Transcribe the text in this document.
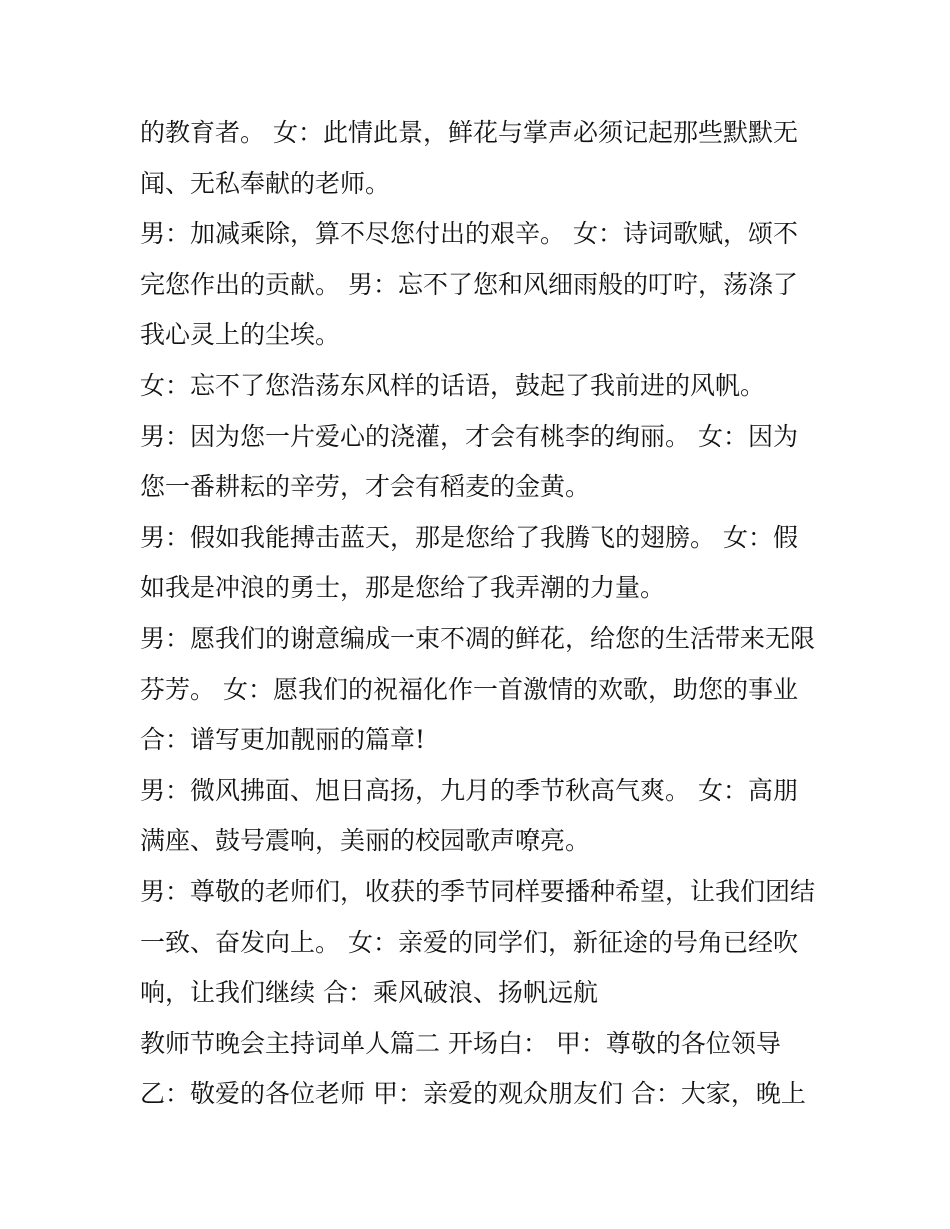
的教育者。 女：此情此景，鲜花与掌声必须记起那些默默无
闻、无私奉献的老师。
男：加减乘除，算不尽您付出的艰辛。 女：诗词歌赋，颂不
完您作出的贡献。 男：忘不了您和风细雨般的叮咛，荡涤了
我心灵上的尘埃。
女：忘不了您浩荡东风样的话语，鼓起了我前进的风帆。
男：因为您一片爱心的浇灌，才会有桃李的绚丽。 女：因为
您一番耕耘的辛劳，才会有稻麦的金黄。
男：假如我能搏击蓝天，那是您给了我腾飞的翅膀。 女：假
如我是冲浪的勇士，那是您给了我弄潮的力量。
男：愿我们的谢意编成一束不凋的鲜花，给您的生活带来无限
芬芳。 女：愿我们的祝福化作一首激情的欢歌，助您的事业
合：谱写更加靓丽的篇章!
男：微风拂面、旭日高扬，九月的季节秋高气爽。 女：高朋
满座、鼓号震响，美丽的校园歌声嘹亮。
男：尊敬的老师们，收获的季节同样要播种希望，让我们团结
一致、奋发向上。 女：亲爱的同学们，新征途的号角已经吹
响，让我们继续 合：乘风破浪、扬帆远航
教师节晚会主持词单人篇二 开场白： 甲：尊敬的各位领导
乙：敬爱的各位老师 甲：亲爱的观众朋友们 合：大家，晚上
